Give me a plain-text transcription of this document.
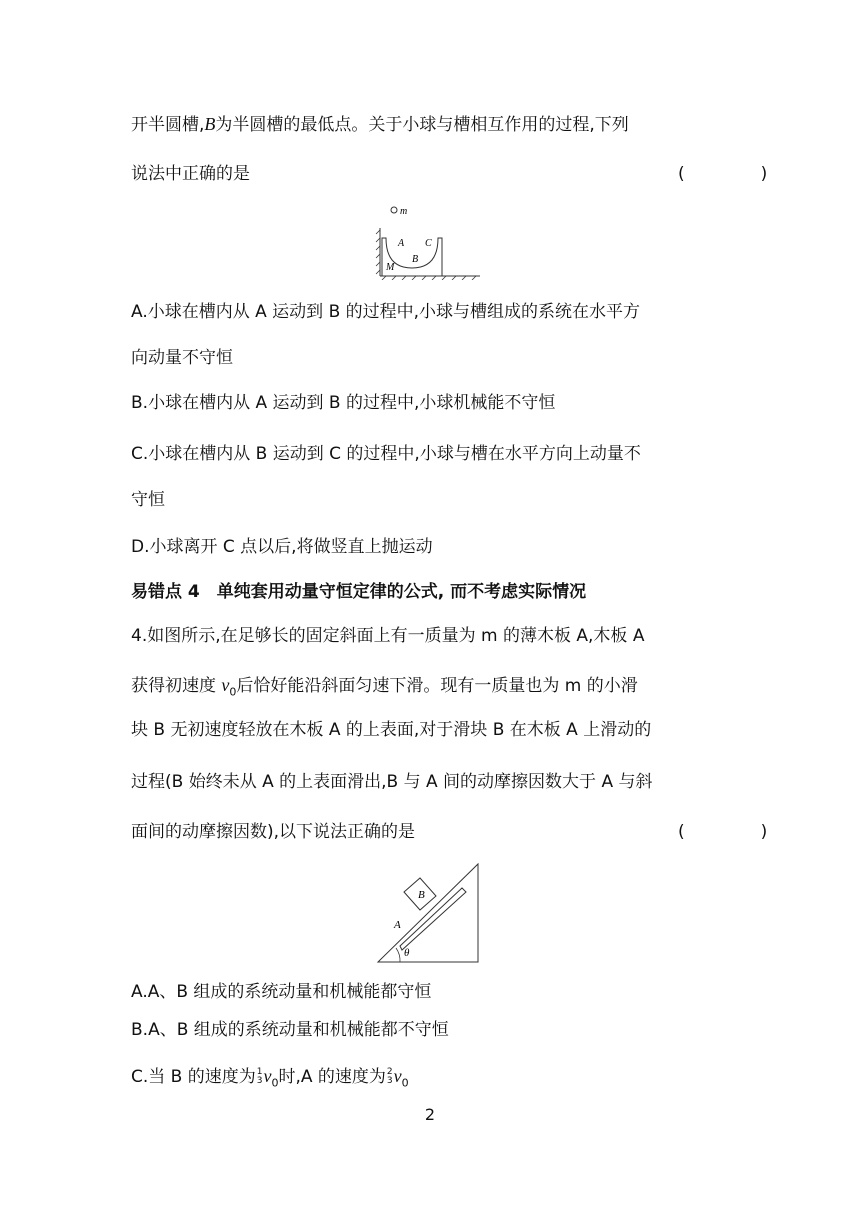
开半圆槽,B为半圆槽的最低点。关于小球与槽相互作用的过程,下列
说法中正确的是	(　　)
m
A
B
C
M
A.小球在槽内从 A 运动到 B 的过程中,小球与槽组成的系统在水平方
向动量不守恒
B.小球在槽内从 A 运动到 B 的过程中,小球机械能不守恒
C.小球在槽内从 B 运动到 C 的过程中,小球与槽在水平方向上动量不
守恒
D.小球离开 C 点以后,将做竖直上抛运动
易错点 4　单纯套用动量守恒定律的公式, 而不考虑实际情况
4.如图所示,在足够长的固定斜面上有一质量为 m 的薄木板 A,木板 A
获得初速度 $v_0$后恰好能沿斜面匀速下滑。现有一质量也为 m 的小滑
块 B 无初速度轻放在木板 A 的上表面,对于滑块 B 在木板 A 上滑动的
过程(B 始终未从 A 的上表面滑出,B 与 A 间的动摩擦因数大于 A 与斜
面间的动摩擦因数),以下说法正确的是	(　　)
B
A
θ
A.A、B 组成的系统动量和机械能都守恒
B.A、B 组成的系统动量和机械能都不守恒
C.当 B 的速度为 1
3 $v_0$时,A 的速度为 2
3 $v_0$
2
